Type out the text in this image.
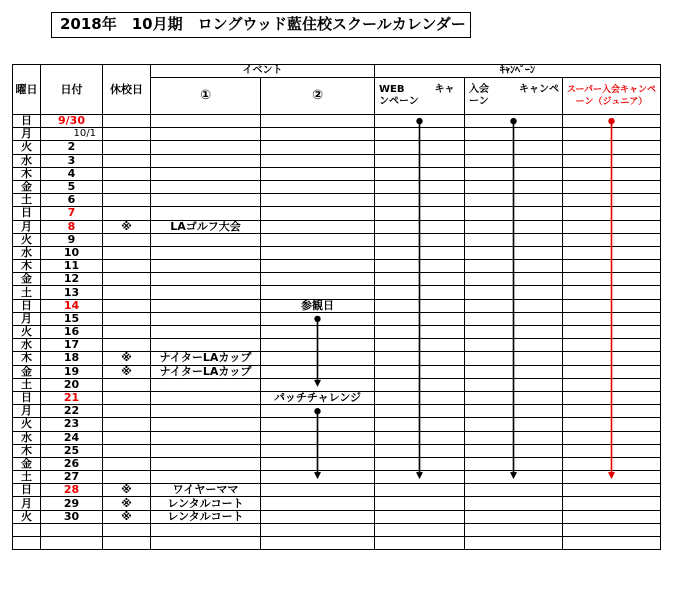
2018年　10月期　ロングウッド藍住校スクールカレンダー
曜日	日付	休校日	イベント		ｷｬﾝﾍﾟｰﾝ		
			①	②	WEB　　　キャンペーン	入会　　　キャンペーン	スーパー入会キャンペーン（ジュニア）
日	9/30						
月	10/1						
火	2						
水	3						
木	4						
金	5						
土	6						
日	7						
月	8	※	LAゴルフ大会				
火	9						
水	10						
木	11						
金	12						
土	13						
日	14			参観日			
月	15						
火	16						
水	17						
木	18	※	ナイターLAカップ				
金	19	※	ナイターLAカップ				
土	20						
日	21			パッチチャレンジ			
月	22						
火	23						
水	24						
木	25						
金	26						
土	27						
日	28	※	ワイヤーママ				
月	29	※	レンタルコート				
火	30	※	レンタルコート				
